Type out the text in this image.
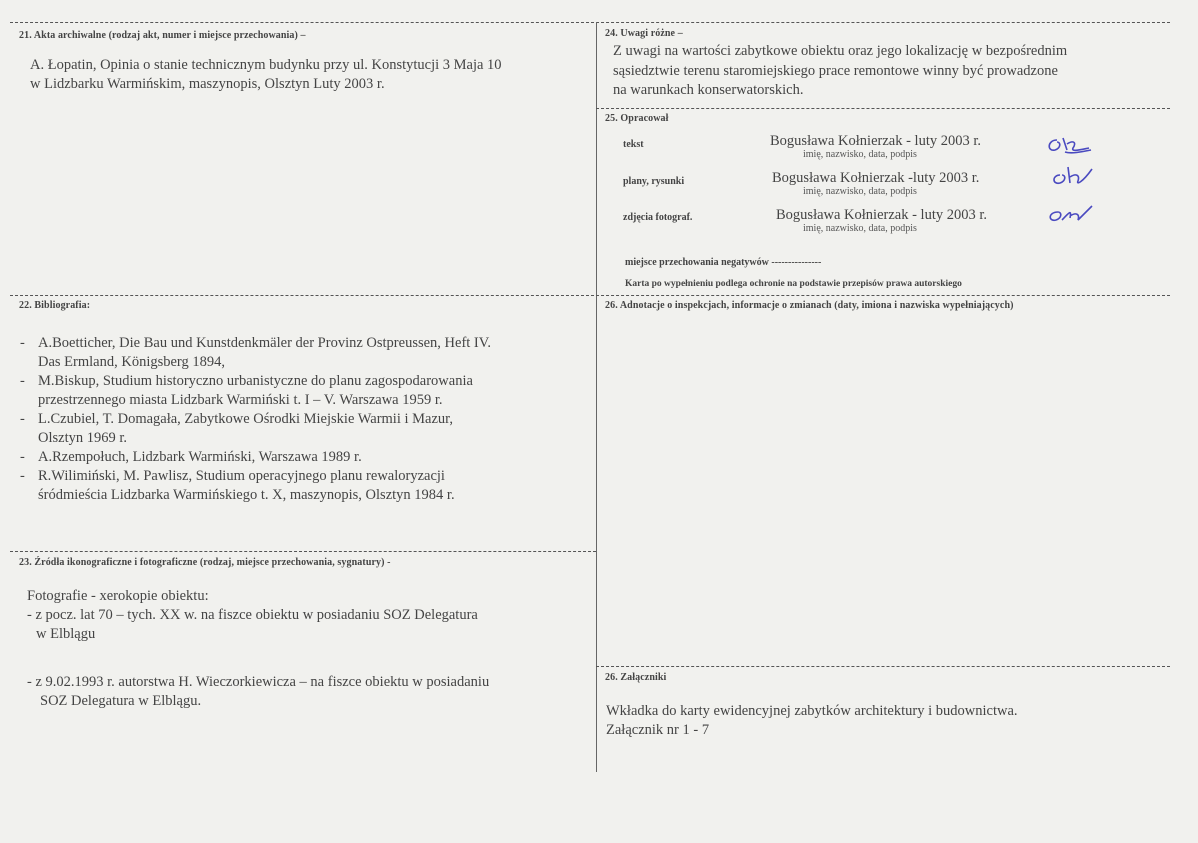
21. Akta archiwalne (rodzaj akt, numer i miejsce przechowania) –
A. Łopatin, Opinia o stanie technicznym budynku przy ul. Konstytucji 3 Maja 10
w Lidzbarku Warmińskim, maszynopis, Olsztyn Luty 2003 r.
24. Uwagi różne –
Z uwagi na wartości zabytkowe obiektu oraz jego lokalizację w bezpośrednim
sąsiedztwie terenu staromiejskiego prace remontowe winny być prowadzone
na warunkach konserwatorskich.
25. Opracował
tekst	Bogusława Kołnierzak - luty 2003 r.
imię, nazwisko, data, podpis
plany, rysunki	Bogusława Kołnierzak -luty 2003 r.
imię, nazwisko, data, podpis
zdjęcia fotograf.	Bogusława Kołnierzak - luty 2003 r.
imię, nazwisko, data, podpis
miejsce przechowania negatywów ---------------
Karta po wypełnieniu podlega ochronie na podstawie przepisów prawa autorskiego
22. Bibliografia:
- A.Boetticher, Die Bau und Kunstdenkmäler der Provinz Ostpreussen, Heft IV.
Das Ermland, Königsberg 1894,
- M.Biskup, Studium historyczno urbanistyczne do planu zagospodarowania
przestrzennego miasta Lidzbark Warmiński t. I – V. Warszawa 1959 r.
- L.Czubiel, T. Domagała, Zabytkowe Ośrodki Miejskie Warmii i Mazur,
Olsztyn 1969 r.
- A.Rzempołuch, Lidzbark Warmiński, Warszawa 1989 r.
- R.Wilimiński, M. Pawlisz, Studium operacyjnego planu rewaloryzacji
śródmieścia Lidzbarka Warmińskiego t. X, maszynopis, Olsztyn 1984 r.
26. Adnotacje o inspekcjach, informacje o zmianach (daty, imiona i nazwiska wypełniających)
23. Źródła ikonograficzne i fotograficzne (rodzaj, miejsce przechowania, sygnatury) -
Fotografie - xerokopie obiektu:
- z pocz. lat 70 – tych. XX w. na fiszce obiektu w posiadaniu SOZ Delegatura
w Elblągu
- z 9.02.1993 r. autorstwa H. Wieczorkiewicza – na fiszce obiektu w posiadaniu
SOZ Delegatura w Elblągu.
26. Załączniki
Wkładka do karty ewidencyjnej zabytków architektury i budownictwa.
Załącznik nr 1 - 7
